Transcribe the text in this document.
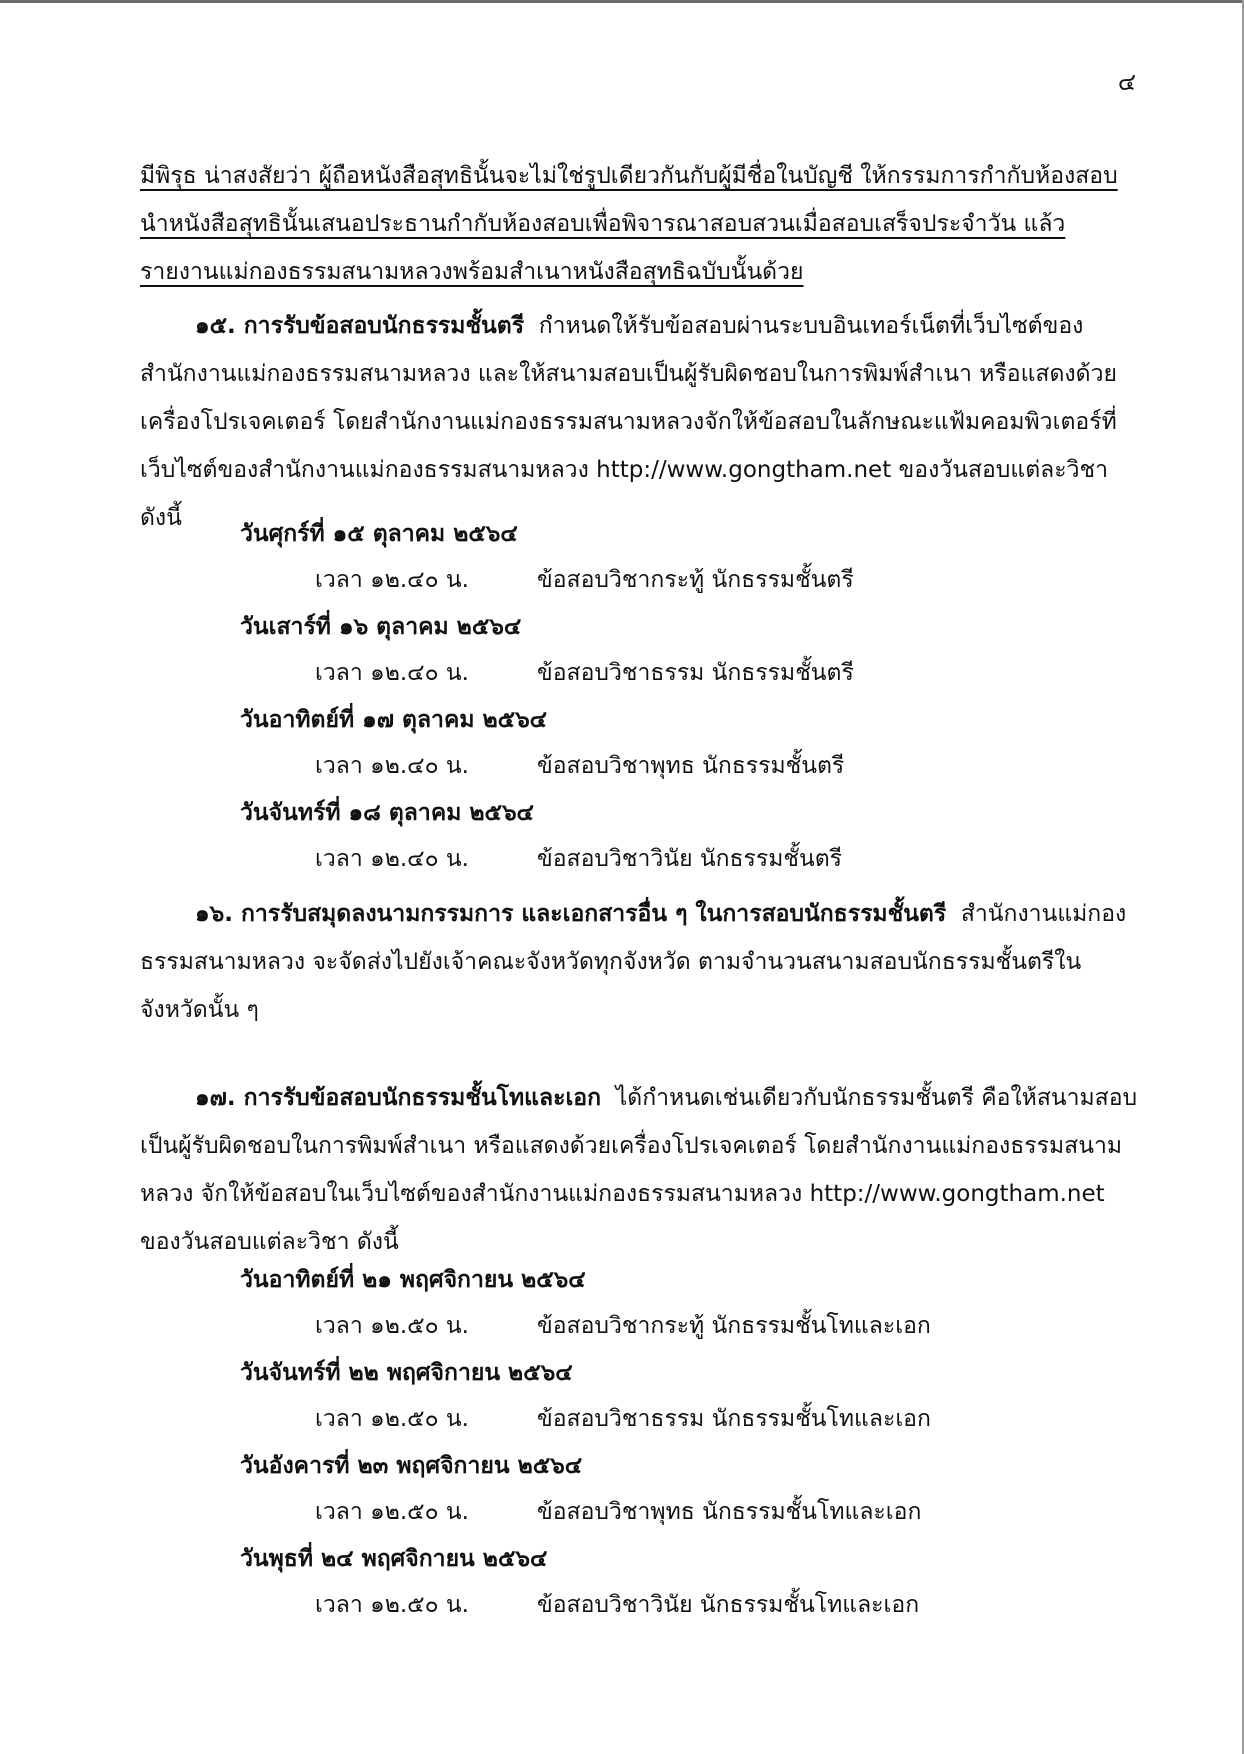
๔

มีพิรุธ น่าสงสัยว่า ผู้ถือหนังสือสุทธินั้นจะไม่ใช่รูปเดียวกันกับผู้มีชื่อในบัญชี ให้กรรมการกำกับห้องสอบนำหนังสือสุทธินั้นเสนอประธานกำกับห้องสอบเพื่อพิจารณาสอบสวนเมื่อสอบเสร็จประจำวัน แล้วรายงานแม่กองธรรมสนามหลวงพร้อมสำเนาหนังสือสุทธิฉบับนั้นด้วย

๑๕. การรับข้อสอบนักธรรมชั้นตรี กำหนดให้รับข้อสอบผ่านระบบอินเทอร์เน็ตที่เว็บไซต์ของสำนักงานแม่กองธรรมสนามหลวง และให้สนามสอบเป็นผู้รับผิดชอบในการพิมพ์สำเนา หรือแสดงด้วยเครื่องโปรเจคเตอร์ โดยสำนักงานแม่กองธรรมสนามหลวงจักให้ข้อสอบในลักษณะแฟ้มคอมพิวเตอร์ที่เว็บไซต์ของสำนักงานแม่กองธรรมสนามหลวง http://www.gongtham.net ของวันสอบแต่ละวิชา ดังนี้

วันศุกร์ที่ ๑๕ ตุลาคม ๒๕๖๔
เวลา ๑๒.๔๐ น.	ข้อสอบวิชากระทู้ นักธรรมชั้นตรี
วันเสาร์ที่ ๑๖ ตุลาคม ๒๕๖๔
เวลา ๑๒.๔๐ น.	ข้อสอบวิชาธรรม นักธรรมชั้นตรี
วันอาทิตย์ที่ ๑๗ ตุลาคม ๒๕๖๔
เวลา ๑๒.๔๐ น.	ข้อสอบวิชาพุทธ นักธรรมชั้นตรี
วันจันทร์ที่ ๑๘ ตุลาคม ๒๕๖๔
เวลา ๑๒.๔๐ น.	ข้อสอบวิชาวินัย นักธรรมชั้นตรี

๑๖. การรับสมุดลงนามกรรมการ และเอกสารอื่น ๆ ในการสอบนักธรรมชั้นตรี สำนักงานแม่กองธรรมสนามหลวง จะจัดส่งไปยังเจ้าคณะจังหวัดทุกจังหวัด ตามจำนวนสนามสอบนักธรรมชั้นตรีในจังหวัดนั้น ๆ

๑๗. การรับข้อสอบนักธรรมชั้นโทและเอก ได้กำหนดเช่นเดียวกับนักธรรมชั้นตรี คือให้สนามสอบเป็นผู้รับผิดชอบในการพิมพ์สำเนา หรือแสดงด้วยเครื่องโปรเจคเตอร์ โดยสำนักงานแม่กองธรรมสนามหลวง จักให้ข้อสอบในเว็บไซต์ของสำนักงานแม่กองธรรมสนามหลวง http://www.gongtham.net ของวันสอบแต่ละวิชา ดังนี้

วันอาทิตย์ที่ ๒๑ พฤศจิกายน ๒๕๖๔
เวลา ๑๒.๕๐ น.	ข้อสอบวิชากระทู้ นักธรรมชั้นโทและเอก
วันจันทร์ที่ ๒๒ พฤศจิกายน ๒๕๖๔
เวลา ๑๒.๕๐ น.	ข้อสอบวิชาธรรม นักธรรมชั้นโทและเอก
วันอังคารที่ ๒๓ พฤศจิกายน ๒๕๖๔
เวลา ๑๒.๕๐ น.	ข้อสอบวิชาพุทธ นักธรรมชั้นโทและเอก
วันพุธที่ ๒๔ พฤศจิกายน ๒๕๖๔
เวลา ๑๒.๕๐ น.	ข้อสอบวิชาวินัย นักธรรมชั้นโทและเอก
